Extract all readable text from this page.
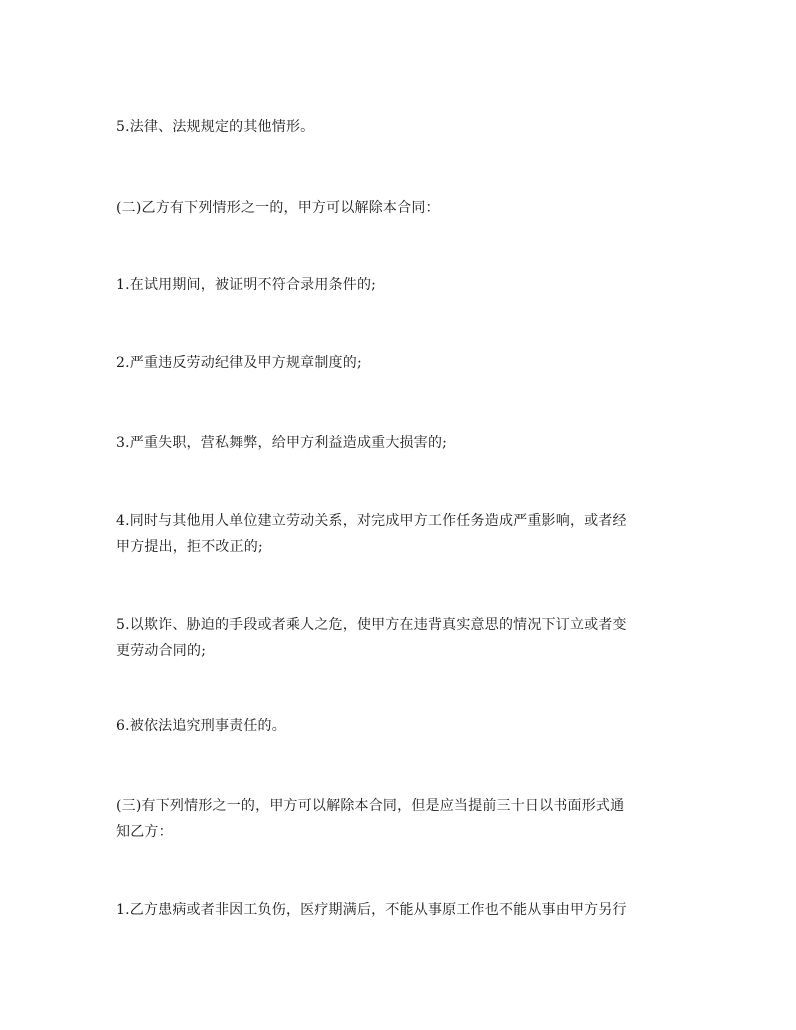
5.法律、法规规定的其他情形。
(二)乙方有下列情形之一的，甲方可以解除本合同：
1.在试用期间，被证明不符合录用条件的;
2.严重违反劳动纪律及甲方规章制度的;
3.严重失职，营私舞弊，给甲方利益造成重大损害的;
4.同时与其他用人单位建立劳动关系，对完成甲方工作任务造成严重影响，或者经
甲方提出，拒不改正的;
5.以欺诈、胁迫的手段或者乘人之危，使甲方在违背真实意思的情况下订立或者变
更劳动合同的;
6.被依法追究刑事责任的。
(三)有下列情形之一的，甲方可以解除本合同，但是应当提前三十日以书面形式通
知乙方：
1.乙方患病或者非因工负伤，医疗期满后，不能从事原工作也不能从事由甲方另行
